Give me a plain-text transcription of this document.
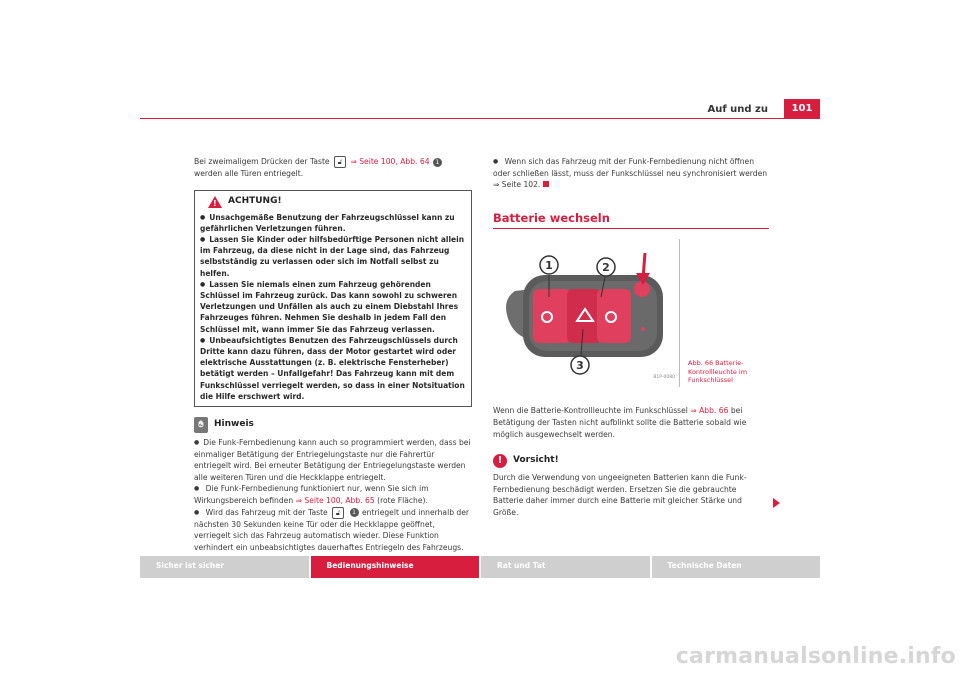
Auf und zu	101

Bei zweimaligem Drücken der Taste 🔓︎ ⇒ Seite 100, Abb. 64 1 werden alle Türen entriegelt.

! ACHTUNG!

● Unsachgemäße Benutzung der Fahrzeugschlüssel kann zu gefährlichen Verletzungen führen.

● Lassen Sie Kinder oder hilfsbedürftige Personen nicht allein im Fahrzeug, da diese nicht in der Lage sind, das Fahrzeug selbstständig zu verlassen oder sich im Notfall selbst zu helfen.

● Lassen Sie niemals einen zum Fahrzeug gehörenden Schlüssel im Fahrzeug zurück. Das kann sowohl zu schweren Verletzungen und Unfällen als auch zu einem Diebstahl Ihres Fahrzeuges führen. Nehmen Sie deshalb in jedem Fall den Schlüssel mit, wann immer Sie das Fahrzeug verlassen.

● Unbeaufsichtigtes Benutzen des Fahrzeugschlüssels durch Dritte kann dazu führen, dass der Motor gestartet wird oder elektrische Ausstattungen (z. B. elektrische Fensterheber) betätigt werden – Unfallgefahr! Das Fahrzeug kann mit dem Funkschlüssel verriegelt werden, so dass in einer Notsituation die Hilfe erschwert wird.

✋︎	Hinweis

● Die Funk-Fernbedienung kann auch so programmiert werden, dass bei einmaliger Betätigung der Entriegelungstaste nur die Fahrertür entriegelt wird. Bei erneuter Betätigung der Entriegelungstaste werden alle weiteren Türen und die Heckklappe entriegelt.

● Die Funk-Fernbedienung funktioniert nur, wenn Sie sich im Wirkungsbereich befinden ⇒ Seite 100, Abb. 65 (rote Fläche).

● Wird das Fahrzeug mit der Taste 🔓︎ 1 entriegelt und innerhalb der nächsten 30 Sekunden keine Tür oder die Heckklappe geöffnet, verriegelt sich das Fahrzeug automatisch wieder. Diese Funktion verhindert ein unbeabsichtigtes dauerhaftes Entriegeln des Fahrzeugs.

● Wenn sich das Fahrzeug mit der Funk-Fernbedienung nicht öffnen oder schließen lässt, muss der Funkschlüssel neu synchronisiert werden ⇒ Seite 102.

Batterie wechseln
1	2
3
B1P-0080
Abb. 66 Batterie-Kontrollleuchte im Funkschlüssel

Wenn die Batterie-Kontrollleuchte im Funkschlüssel ⇒ Abb. 66 bei Betätigung der Tasten nicht aufblinkt sollte die Batterie sobald wie möglich ausgewechselt werden.

!	Vorsicht!

Durch die Verwendung von ungeeigneten Batterien kann die Funk-Fernbedienung beschädigt werden. Ersetzen Sie die gebrauchte Batterie daher immer durch eine Batterie mit gleicher Stärke und Größe.

Sicher ist sicher	Bedienungshinweise	Rat und Tat	Technische Daten
carmanualsonline.info
